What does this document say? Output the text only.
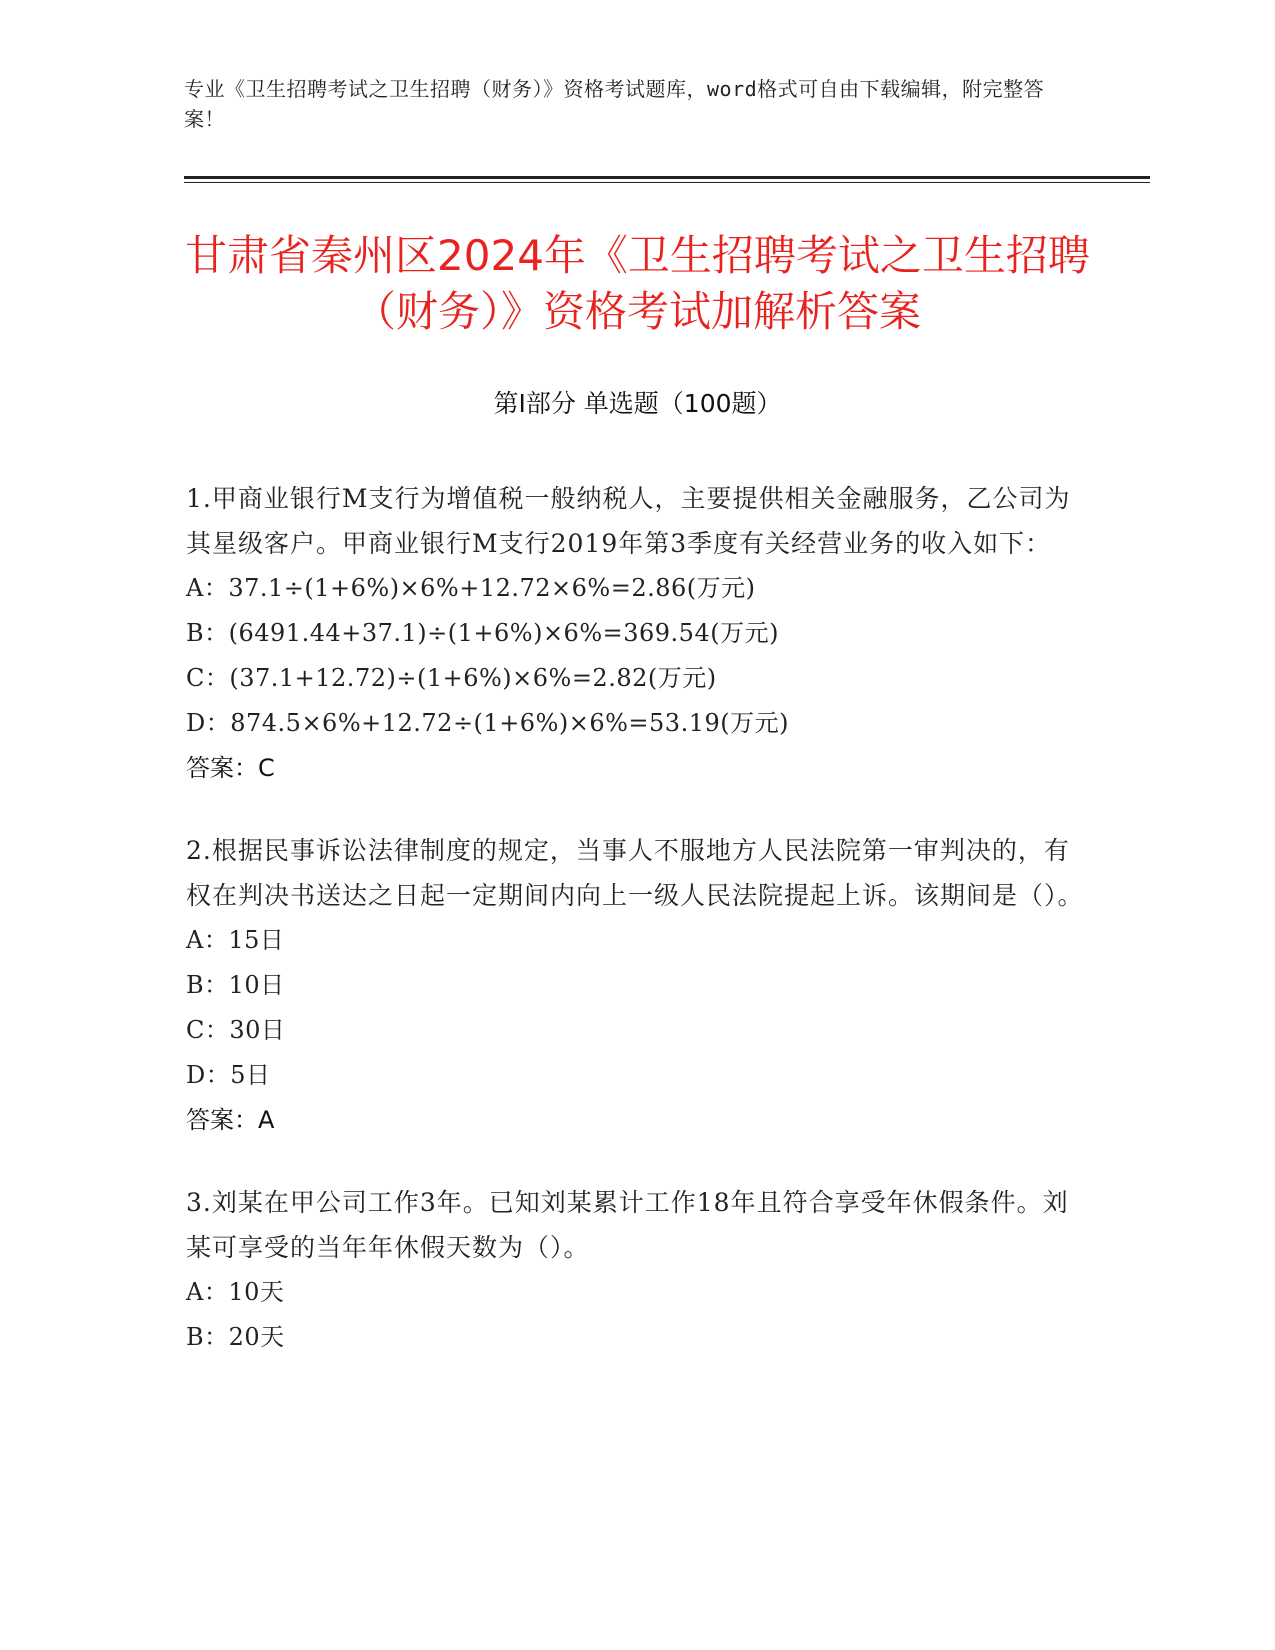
专业《卫生招聘考试之卫生招聘（财务）》资格考试题库，word格式可自由下载编辑，附完整答案！
甘肃省秦州区2024年《卫生招聘考试之卫生招聘（财务）》资格考试加解析答案
第Ⅰ部分 单选题（100题）
1.甲商业银行M支行为增值税一般纳税人，主要提供相关金融服务，乙公司为其星级客户。甲商业银行M支行2019年第3季度有关经营业务的收入如下：
A：37.1÷(1+6%)×6%+12.72×6%=2.86(万元)
B：(6491.44+37.1)÷(1+6%)×6%=369.54(万元)
C：(37.1+12.72)÷(1+6%)×6%=2.82(万元)
D：874.5×6%+12.72÷(1+6%)×6%=53.19(万元)
答案：C
2.根据民事诉讼法律制度的规定，当事人不服地方人民法院第一审判决的，有权在判决书送达之日起一定期间内向上一级人民法院提起上诉。该期间是（）。
A：15日
B：10日
C：30日
D：5日
答案：A
3.刘某在甲公司工作3年。已知刘某累计工作18年且符合享受年休假条件。刘某可享受的当年年休假天数为（）。
A：10天
B：20天
